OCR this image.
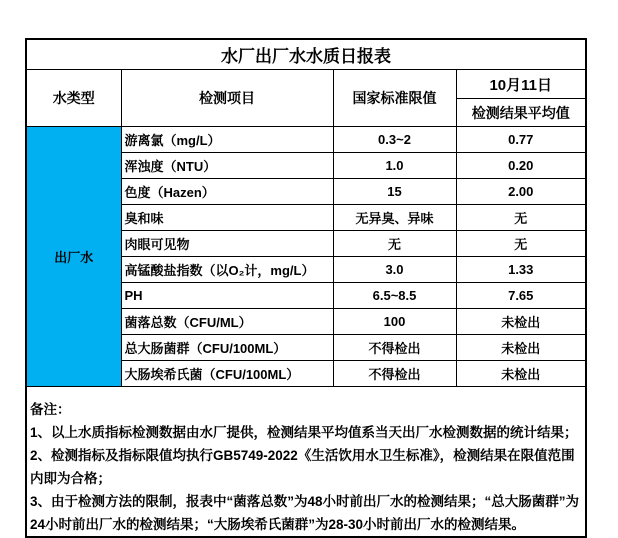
水厂出厂水水质日报表			
水类型	检测项目	国家标准限值	10月11日
			检测结果平均值
出厂水	游离氯（mg/L）	0.3~2	0.77
	浑浊度（NTU）	1.0	0.20
	色度（Hazen）	15	2.00
	臭和味	无异臭、异味	无
	肉眼可见物	无	无
	高锰酸盐指数（以O₂计，mg/L）	3.0	1.33
	PH	6.5~8.5	7.65
	菌落总数（CFU/ML）	100	未检出
	总大肠菌群（CFU/100ML）	不得检出	未检出
	大肠埃希氏菌（CFU/100ML）	不得检出	未检出

备注：

1、以上水质指标检测数据由水厂提供，检测结果平均值系当天出厂水检测数据的统计结果；

2、检测指标及指标限值均执行GB5749-2022《生活饮用水卫生标准》，检测结果在限值范围内即为合格；

3、由于检测方法的限制，报表中“菌落总数”为48小时前出厂水的检测结果；“总大肠菌群”为24小时前出厂水的检测结果；“大肠埃希氏菌群”为28-30小时前出厂水的检测结果。			
